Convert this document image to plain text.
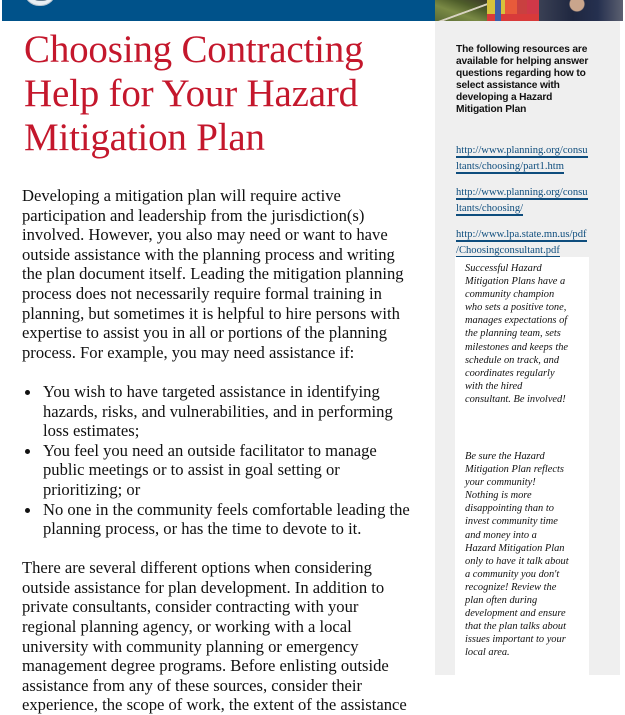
Choosing Contracting
Help for Your Hazard
Mitigation Plan
Developing a mitigation plan will require active
participation and leadership from the jurisdiction(s)
involved. However, you also may need or want to have
outside assistance with the planning process and writing
the plan document itself. Leading the mitigation planning
process does not necessarily require formal training in
planning, but sometimes it is helpful to hire persons with
expertise to assist you in all or portions of the planning
process. For example, you may need assistance if:
You wish to have targeted assistance in identifying
hazards, risks, and vulnerabilities, and in performing
loss estimates;
You feel you need an outside facilitator to manage
public meetings or to assist in goal setting or
prioritizing; or
No one in the community feels comfortable leading the
planning process, or has the time to devote to it.
There are several different options when considering
outside assistance for plan development. In addition to
private consultants, consider contracting with your
regional planning agency, or working with a local
university with community planning or emergency
management degree programs. Before enlisting outside
assistance from any of these sources, consider their
experience, the scope of work, the extent of the assistance
The following resources are
available for helping answer
questions regarding how to
select assistance with
developing a Hazard
Mitigation Plan
http://www.planning.org/consu
ltants/choosing/part1.htm
http://www.planning.org/consu
ltants/choosing/
http://www.lpa.state.mn.us/pdf
/Choosingconsultant.pdf
Successful Hazard
Mitigation Plans have a
community champion
who sets a positive tone,
manages expectations of
the planning team, sets
milestones and keeps the
schedule on track, and
coordinates regularly
with the hired
consultant. Be involved!
Be sure the Hazard
Mitigation Plan reflects
your community!
Nothing is more
disappointing than to
invest community time
and money into a
Hazard Mitigation Plan
only to have it talk about
a community you don't
recognize! Review the
plan often during
development and ensure
that the plan talks about
issues important to your
local area.
